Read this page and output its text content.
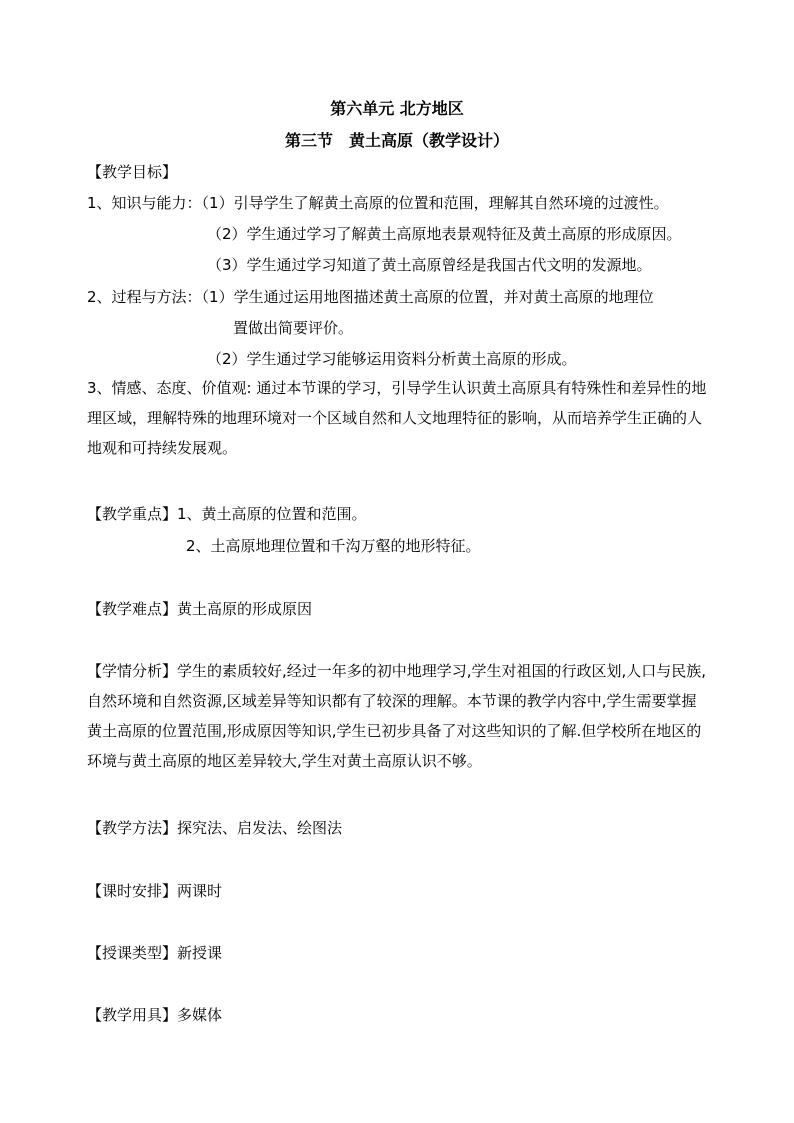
第六单元 北方地区
第三节　黄土高原（教学设计）
【教学目标】
1、知识与能力：（1）引导学生了解黄土高原的位置和范围，理解其自然环境的过渡性。
（2）学生通过学习了解黄土高原地表景观特征及黄土高原的形成原因。
（3）学生通过学习知道了黄土高原曾经是我国古代文明的发源地。
2、过程与方法：（1）学生通过运用地图描述黄土高原的位置，并对黄土高原的地理位
置做出简要评价。
（2）学生通过学习能够运用资料分析黄土高原的形成。
3、情感、态度、价值观: 通过本节课的学习，引导学生认识黄土高原具有特殊性和差异性的地理区域，理解特殊的地理环境对一个区域自然和人文地理特征的影响，从而培养学生正确的人地观和可持续发展观。
【教学重点】1、黄土高原的位置和范围。
2、土高原地理位置和千沟万壑的地形特征。
【教学难点】黄土高原的形成原因
【学情分析】学生的素质较好,经过一年多的初中地理学习,学生对祖国的行政区划,人口与民族,自然环境和自然资源,区域差异等知识都有了较深的理解。本节课的教学内容中,学生需要掌握黄土高原的位置范围,形成原因等知识,学生已初步具备了对这些知识的了解.但学校所在地区的环境与黄土高原的地区差异较大,学生对黄土高原认识不够。
【教学方法】探究法、启发法、绘图法
【课时安排】两课时
【授课类型】新授课
【教学用具】多媒体
